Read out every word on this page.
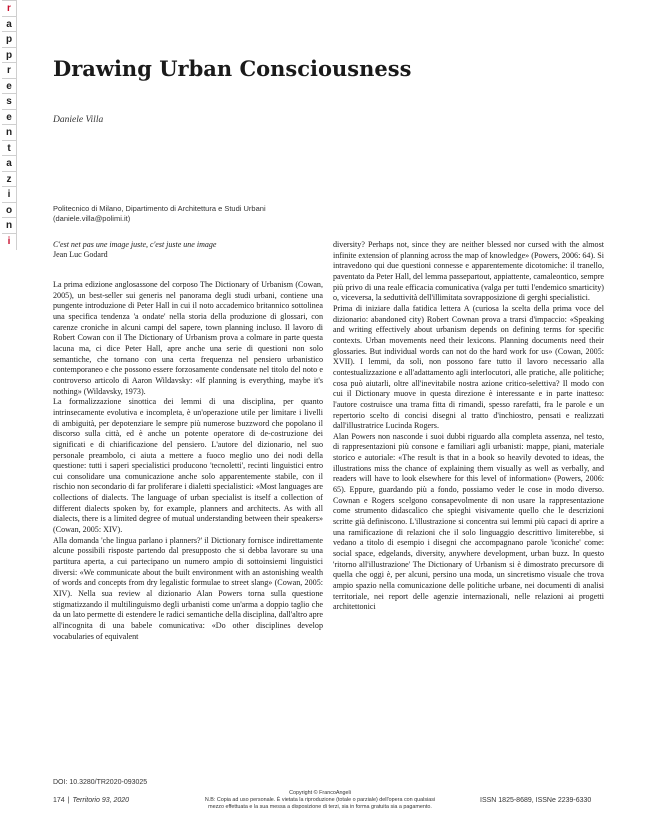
r
a
p
p
r
e
s
e
n
t
a
z
i
o
n
i
Drawing Urban Consciousness
Daniele Villa
Politecnico di Milano, Dipartimento di Architettura e Studi Urbani (daniele.villa@polimi.it)
C'est net pas une image juste, c'est juste une image
Jean Luc Godard

La prima edizione anglosassone del corposo The Dictionary of Urbanism (Cowan, 2005), un best-seller sui generis nel panorama degli studi urbani, contiene una pungente introduzione di Peter Hall in cui il noto accademico britannico sottolinea una specifica tendenza 'a ondate' nella storia della produzione di glossari, con carenze croniche in alcuni campi del sapere, town planning incluso. Il lavoro di Robert Cowan con il The Dictionary of Urbanism prova a colmare in parte questa lacuna ma, ci dice Peter Hall, apre anche una serie di questioni non solo semantiche, che tornano con una certa frequenza nel pensiero urbanistico contemporaneo e che possono essere forzosamente condensate nel titolo del noto e controverso articolo di Aaron Wildavsky: «If planning is everything, maybe it's nothing» (Wildavsky, 1973).

La formalizzazione sinottica dei lemmi di una disciplina, per quanto intrinsecamente evolutiva e incompleta, è un'operazione utile per limitare i livelli di ambiguità, per depotenziare le sempre più numerose buzzword che popolano il discorso sulla città, ed è anche un potente operatore di de-costruzione dei significati e di chiarificazione del pensiero. L'autore del dizionario, nel suo personale preambolo, ci aiuta a mettere a fuoco meglio uno dei nodi della questione: tutti i saperi specialistici producono 'tecnoletti', recinti linguistici entro cui consolidare una comunicazione anche solo apparentemente stabile, con il rischio non secondario di far proliferare i dialetti specialistici: «Most languages are collections of dialects. The language of urban specialist is itself a collection of different dialects spoken by, for example, planners and architects. As with all dialects, there is a limited degree of mutual understanding between their speakers» (Cowan, 2005: XIV).

Alla domanda 'che lingua parlano i planners?' il Dictionary fornisce indirettamente alcune possibili risposte partendo dal presupposto che si debba lavorare su una partitura aperta, a cui partecipano un numero ampio di sottoinsiemi linguistici diversi: «We communicate about the built environment with an astonishing wealth of words and concepts from dry legalistic formulae to street slang» (Cowan, 2005: XIV). Nella sua review al dizionario Alan Powers torna sulla questione stigmatizzando il multilinguismo degli urbanisti come un'arma a doppio taglio che da un lato permette di estendere le radici semantiche della disciplina, dall'altro apre all'incognita di una babele comunicativa: «Do other disciplines develop vocabularies of equivalent

diversity? Perhaps not, since they are neither blessed nor cursed with the almost infinite extension of planning across the map of knowledge» (Powers, 2006: 64). Si intravedono qui due questioni connesse e apparentemente dicotomiche: il tranello, paventato da Peter Hall, del lemma passepartout, appiattente, camaleontico, sempre più privo di una reale efficacia comunicativa (valga per tutti l'endemico smarticity) o, viceversa, la seduttività dell'illimitata sovrapposizione di gerghi specialistici.

Prima di iniziare dalla fatidica lettera A (curiosa la scelta della prima voce del dizionario: abandoned city) Robert Cownan prova a trarsi d'impaccio: «Speaking and writing effectively about urbanism depends on defining terms for specific contexts. Urban movements need their lexicons. Planning documents need their glossaries. But individual words can not do the hard work for us» (Cowan, 2005: XVII). I lemmi, da soli, non possono fare tutto il lavoro necessario alla contestualizzazione e all'adattamento agli interlocutori, alle pratiche, alle politiche; cosa può aiutarli, oltre all'inevitabile nostra azione critico-selettiva? Il modo con cui il Dictionary muove in questa direzione è interessante e in parte inatteso: l'autore costruisce una trama fitta di rimandi, spesso rarefatti, fra le parole e un repertorio scelto di concisi disegni al tratto d'inchiostro, pensati e realizzati dall'illustratrice Lucinda Rogers.

Alan Powers non nasconde i suoi dubbi riguardo alla completa assenza, nel testo, di rappresentazioni più consone e familiari agli urbanisti: mappe, piani, materiale storico e autoriale: «The result is that in a book so heavily devoted to ideas, the illustrations miss the chance of explaining them visually as well as verbally, and readers will have to look elsewhere for this level of information» (Powers, 2006: 65). Eppure, guardando più a fondo, possiamo veder le cose in modo diverso. Cownan e Rogers scelgono consapevolmente di non usare la rappresentazione come strumento didascalico che spieghi visivamente quello che le descrizioni scritte già definiscono. L'illustrazione si concentra sui lemmi più capaci di aprire a una ramificazione di relazioni che il solo linguaggio descrittivo limiterebbe, si vedano a titolo di esempio i disegni che accompagnano parole 'iconiche' come: social space, edgelands, diversity, anywhere development, urban buzz. In questo 'ritorno all'illustrazione' The Dictionary of Urbanism si è dimostrato precursore di quella che oggi è, per alcuni, persino una moda, un sincretismo visuale che trova ampio spazio nella comunicazione delle politiche urbane, nei documenti di analisi territoriale, nei report delle agenzie internazionali, nelle relazioni ai progetti architettonici

DOI: 10.3280/TR2020-093025
174 | Territorio 93, 2020
Copyright © FrancoAngeli
N.B: Copia ad uso personale. È vietata la riproduzione (totale o parziale) dell'opera con qualsiasi
mezzo effettuata e la sua messa a disposizione di terzi, sia in forma gratuita sia a pagamento.
ISSN 1825-8689, ISSNe 2239-6330
